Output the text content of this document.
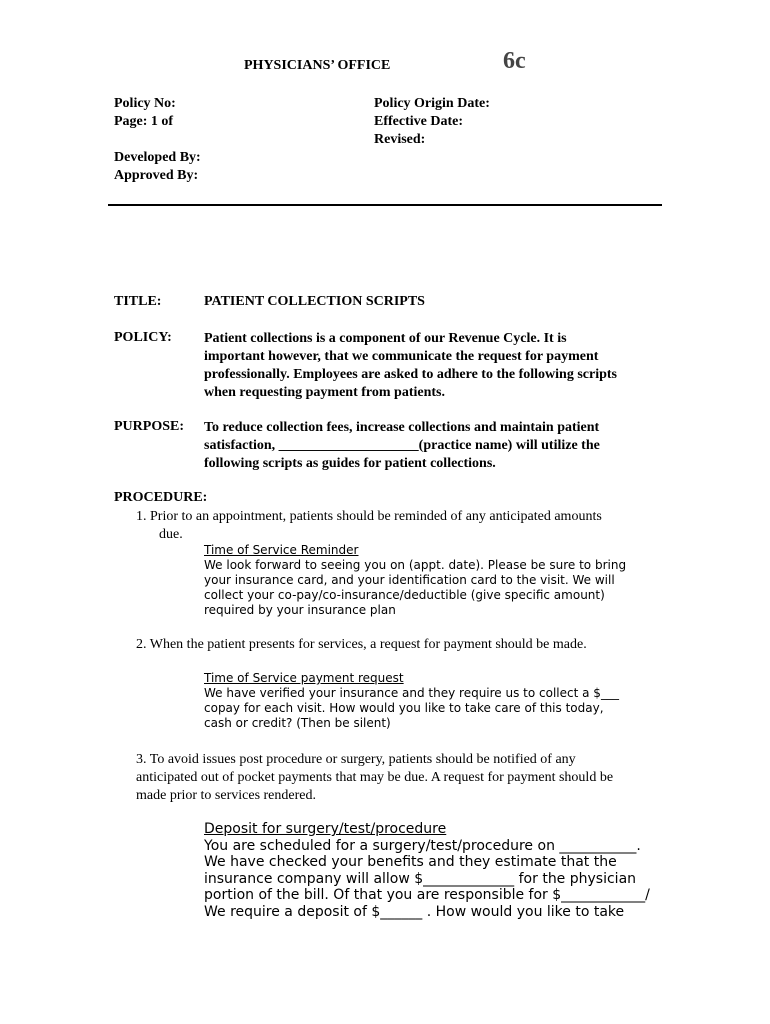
PHYSICIANS’ OFFICE	6c
Policy No:
Page: 1 of
Developed By:
Approved By:
Policy Origin Date:
Effective Date:
Revised:
TITLE:	PATIENT COLLECTION SCRIPTS
POLICY: Patient collections is a component of our Revenue Cycle. It is
important however, that we communicate the request for payment
professionally. Employees are asked to adhere to the following scripts
when requesting payment from patients.
PURPOSE: To reduce collection fees, increase collections and maintain patient
satisfaction, ____________________(practice name) will utilize the
following scripts as guides for patient collections.
PROCEDURE:
1. Prior to an appointment, patients should be reminded of any anticipated amounts
due.
Time of Service Reminder
We look forward to seeing you on (appt. date). Please be sure to bring
your insurance card, and your identification card to the visit. We will
collect your co-pay/co-insurance/deductible (give specific amount)
required by your insurance plan
2. When the patient presents for services, a request for payment should be made.
Time of Service payment request
We have verified your insurance and they require us to collect a $___
copay for each visit. How would you like to take care of this today,
cash or credit? (Then be silent)
3. To avoid issues post procedure or surgery, patients should be notified of any
anticipated out of pocket payments that may be due. A request for payment should be
made prior to services rendered.
Deposit for surgery/test/procedure
You are scheduled for a surgery/test/procedure on ___________.
We have checked your benefits and they estimate that the
insurance company will allow $_____________ for the physician
portion of the bill. Of that you are responsible for $____________/
We require a deposit of $______ . How would you like to take
